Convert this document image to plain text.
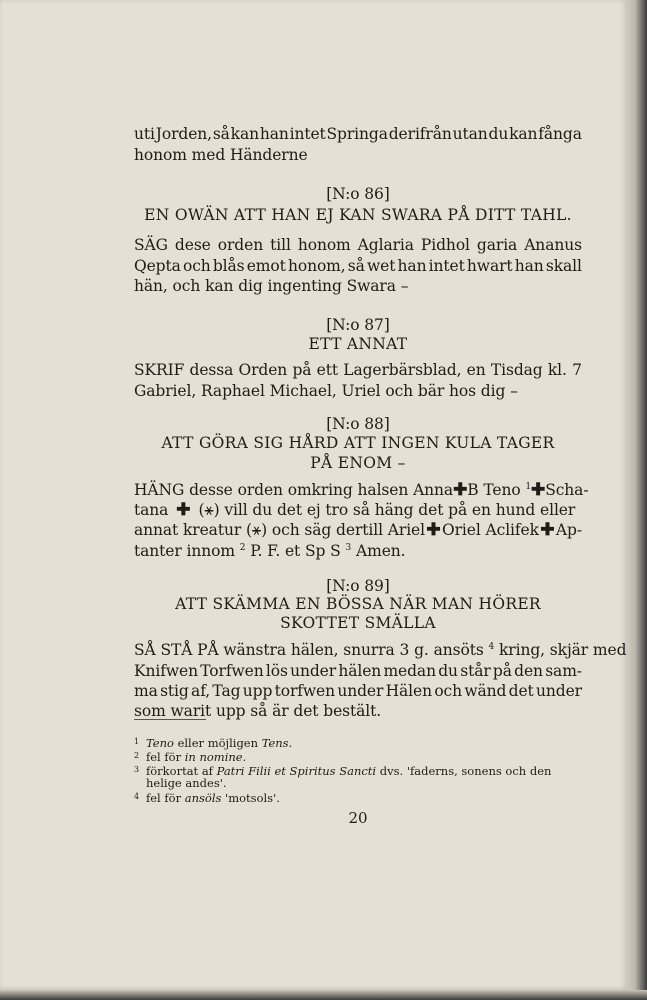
uti Jorden, så kan han intet Springa derifrån utan du kan fånga
honom med Händerne
[N:o 86]
EN OWÄN ATT HAN EJ KAN SWARA PÅ DITT TAHL.
SÄG dese orden till honom Aglaria Pidhol garia Ananus
Qepta och blås emot honom, så wet han intet hwart han skall
hän, och kan dig ingenting Swara –
[N:o 87]
ETT ANNAT
SKRIF dessa Orden på ett Lagerbärsblad, en Tisdag kl. 7
Gabriel, Raphael Michael, Uriel och bär hos dig –
[N:o 88]
ATT GÖRA SIG HÅRD ATT INGEN KULA TAGER
PÅ ENOM –
HÄNG desse orden omkring halsen Anna ✚ B Teno $^1$ ✚ Scha-
tana ✚ (⚹) vill du det ej tro så häng det på en hund eller
annat kreatur (⚹) och säg dertill Ariel ✚ Oriel Aclifek ✚ Ap-
tanter innom $^2$ P. F. et Sp S $^3$ Amen.
[N:o 89]
ATT SKÄMMA EN BÖSSA NÄR MAN HÖRER
SKOTTET SMÄLLA
SÅ STÅ PÅ wänstra hälen, snurra 3 g. ansöts $^4$ kring, skjär med
Knifwen Torfwen lös under hälen medan du står på den sam-
ma stig af, Tag upp torfwen under Hälen och wänd det under
som warit upp så är det bestält.
1 Teno eller möjligen Tens.
2 fel för in nomine.
3 förkortat af Patri Filii et Spiritus Sancti dvs. 'faderns, sonens och den
helige andes'.
4 fel för ansöls 'motsols'.
20
